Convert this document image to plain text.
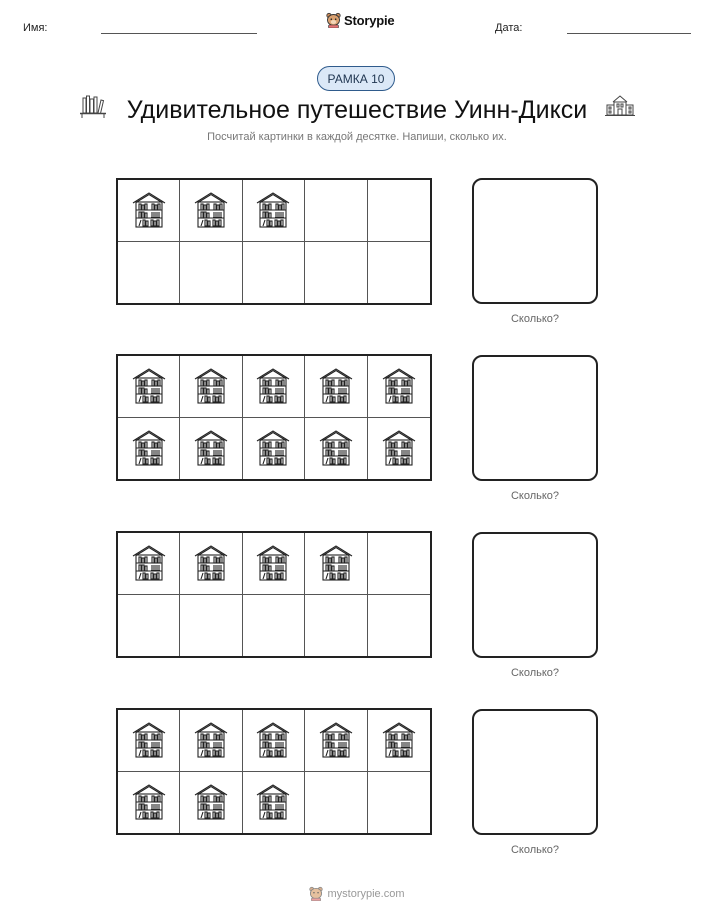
Имя:
Storypie
Дата:
РАМКА 10
Удивительное путешествие Уинн-Дикси
Посчитай картинки в каждой десятке. Напиши, сколько их.
Сколько?
Сколько?
Сколько?
Сколько?
mystorypie.com
